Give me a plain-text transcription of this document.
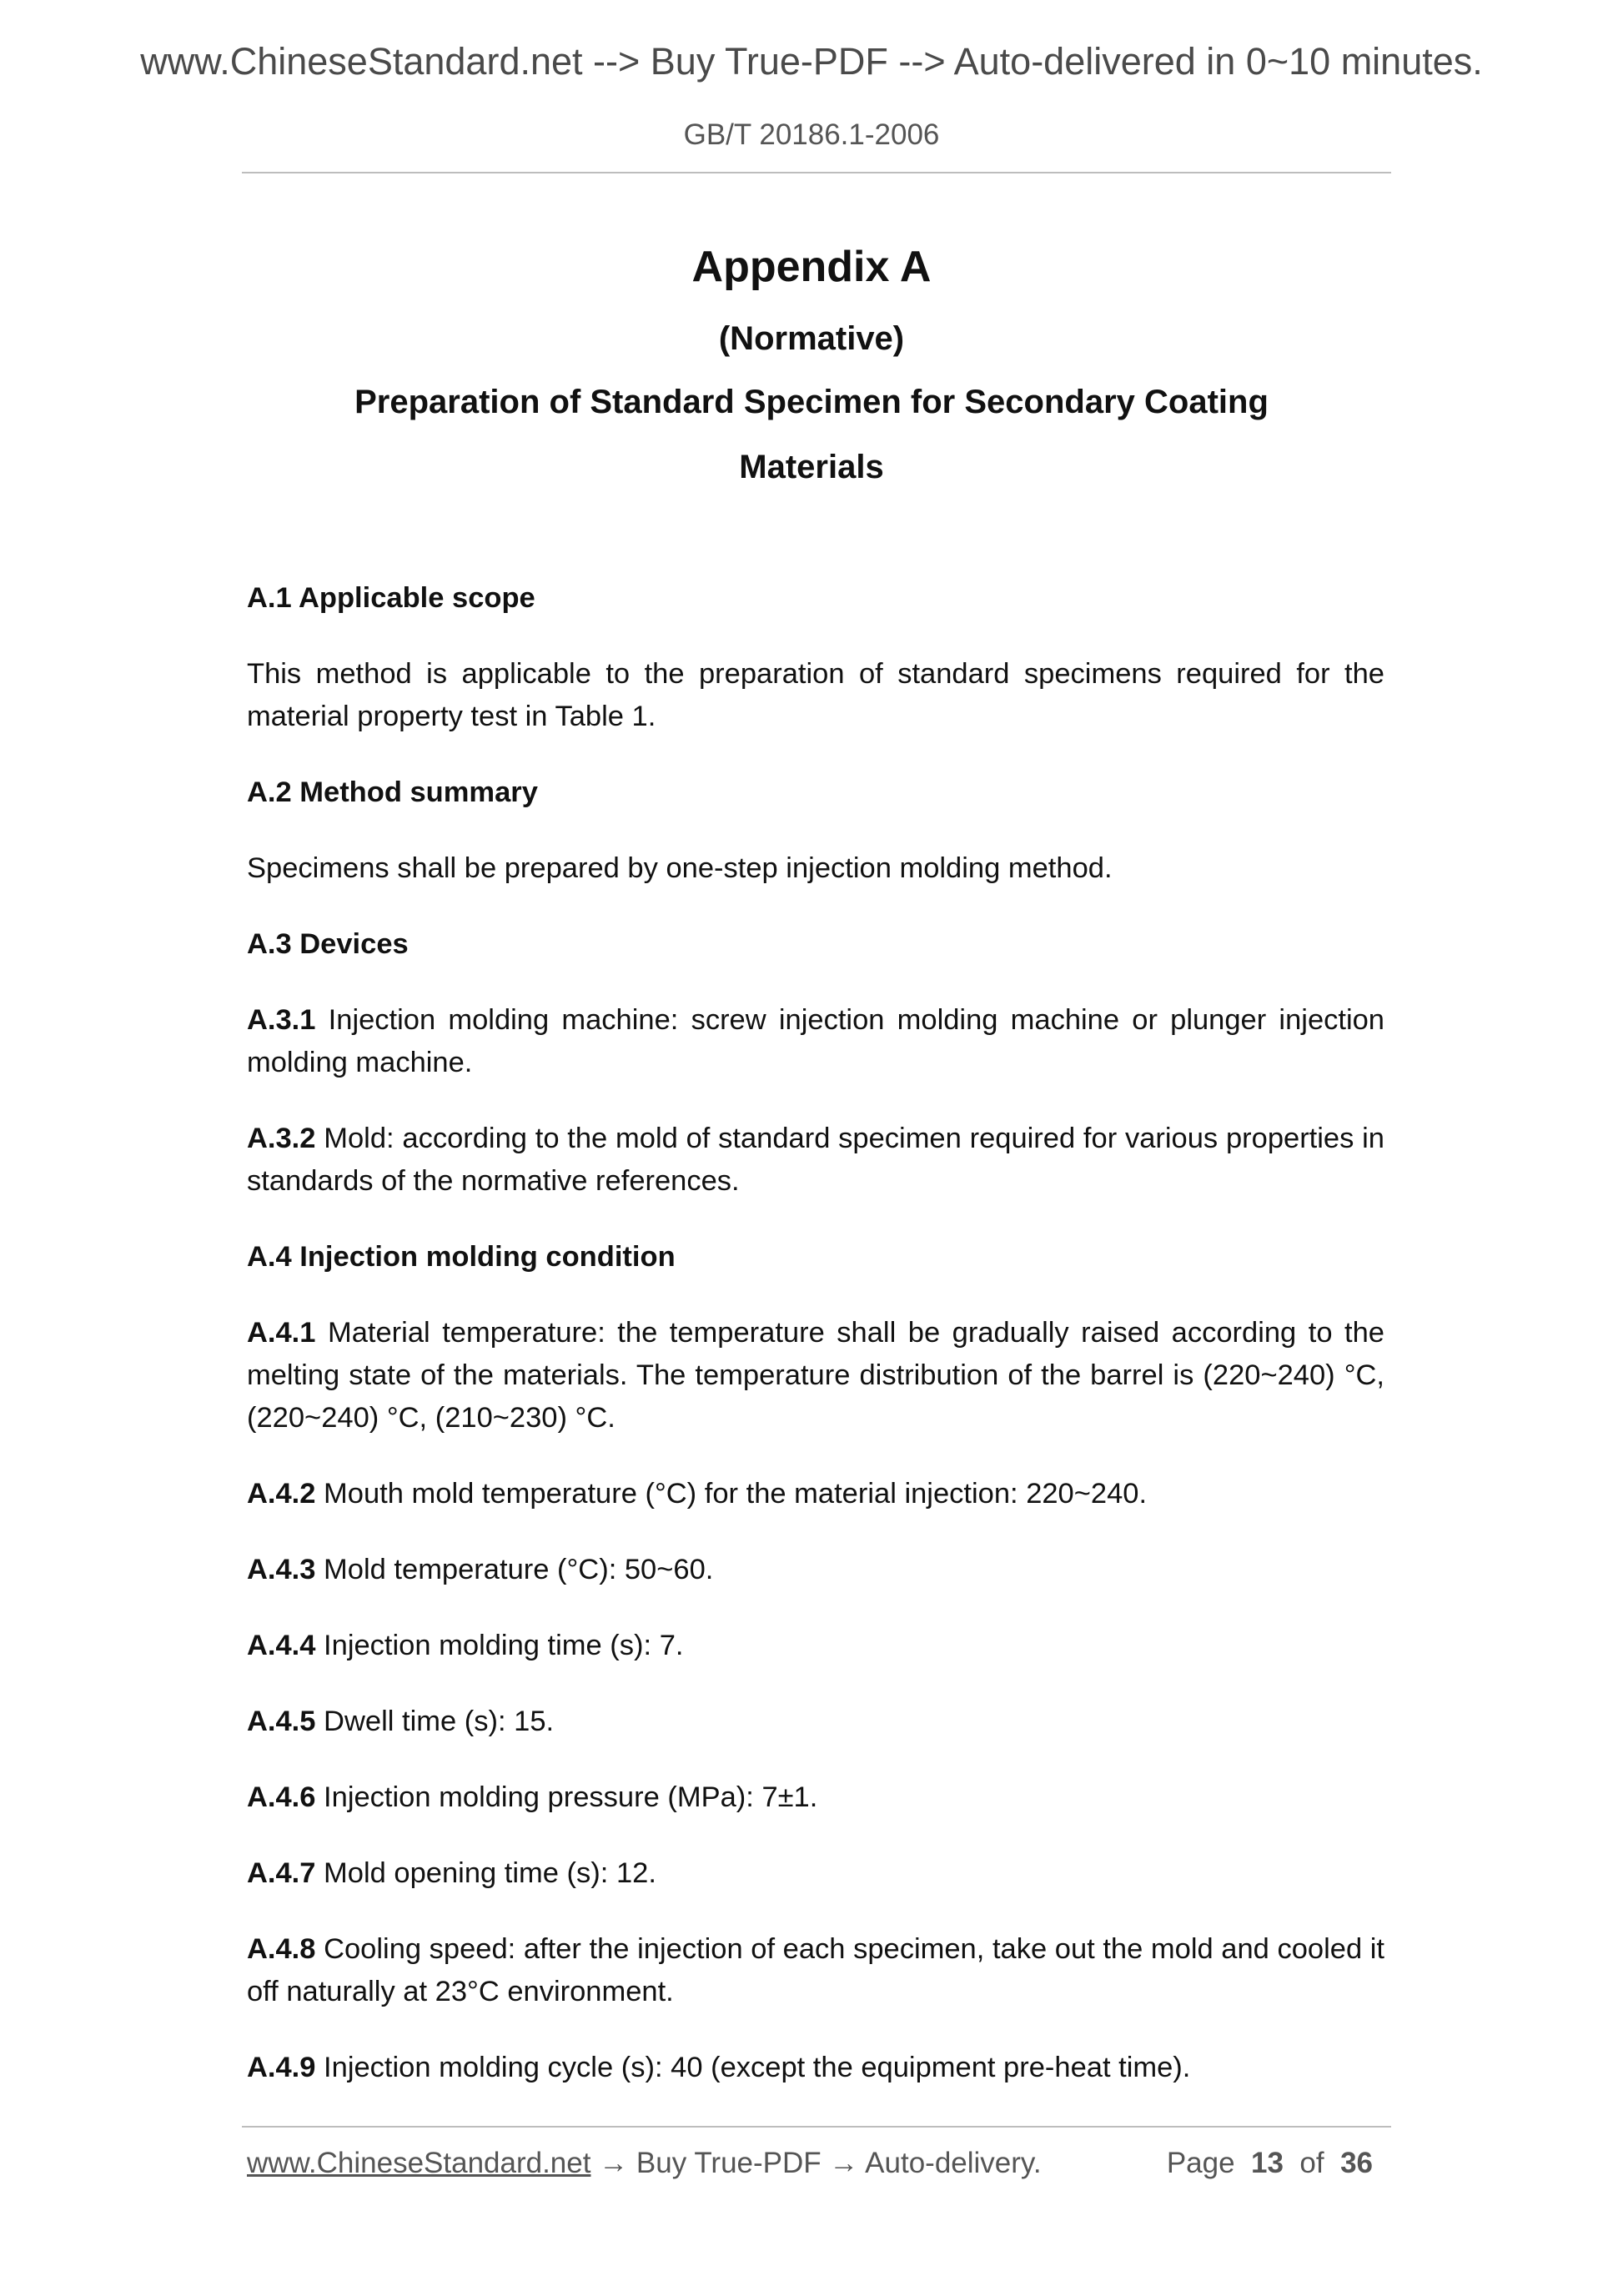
www.ChineseStandard.net --> Buy True-PDF --> Auto-delivered in 0~10 minutes.
GB/T 20186.1-2006
Appendix A
(Normative)
Preparation of Standard Specimen for Secondary Coating
Materials
A.1 Applicable scope
This method is applicable to the preparation of standard specimens required for the material property test in Table 1.
A.2 Method summary
Specimens shall be prepared by one-step injection molding method.
A.3 Devices
A.3.1 Injection molding machine: screw injection molding machine or plunger injection molding machine.
A.3.2 Mold: according to the mold of standard specimen required for various properties in standards of the normative references.
A.4 Injection molding condition
A.4.1 Material temperature: the temperature shall be gradually raised according to the melting state of the materials. The temperature distribution of the barrel is (220~240) °C, (220~240) °C, (210~230) °C.
A.4.2 Mouth mold temperature (°C) for the material injection: 220~240.
A.4.3 Mold temperature (°C): 50~60.
A.4.4 Injection molding time (s): 7.
A.4.5 Dwell time (s): 15.
A.4.6 Injection molding pressure (MPa): 7±1.
A.4.7 Mold opening time (s): 12.
A.4.8 Cooling speed: after the injection of each specimen, take out the mold and cooled it off naturally at 23°C environment.
A.4.9 Injection molding cycle (s): 40 (except the equipment pre-heat time).
www.ChineseStandard.net → Buy True-PDF → Auto-delivery.	Page 13 of 36
